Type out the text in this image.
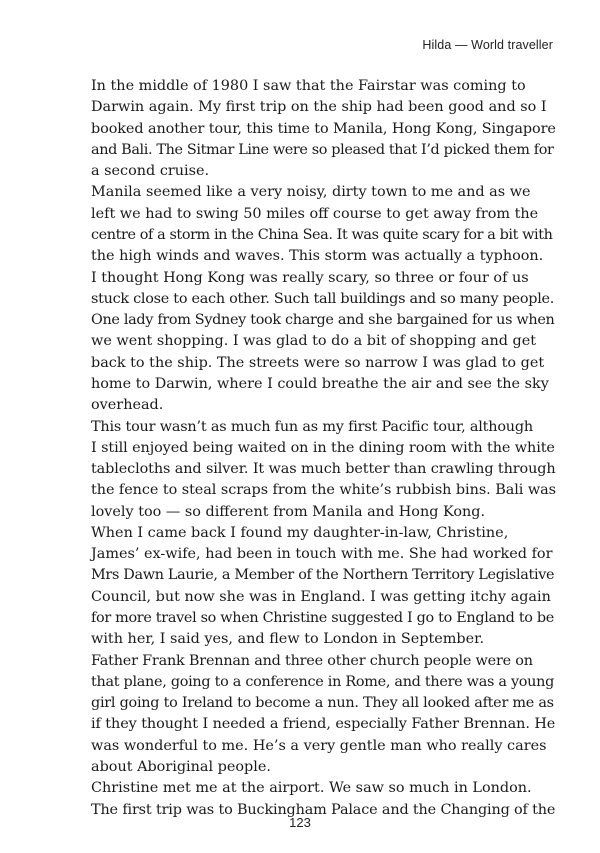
Hilda — World traveller

In the middle of 1980 I saw that the Fairstar was coming to
Darwin again. My first trip on the ship had been good and so I
booked another tour, this time to Manila, Hong Kong, Singapore
and Bali. The Sitmar Line were so pleased that I’d picked them for
a second cruise.

Manila seemed like a very noisy, dirty town to me and as we
left we had to swing 50 miles off course to get away from the
centre of a storm in the China Sea. It was quite scary for a bit with
the high winds and waves. This storm was actually a typhoon.

I thought Hong Kong was really scary, so three or four of us
stuck close to each other. Such tall buildings and so many people.
One lady from Sydney took charge and she bargained for us when
we went shopping. I was glad to do a bit of shopping and get
back to the ship. The streets were so narrow I was glad to get
home to Darwin, where I could breathe the air and see the sky
overhead.

This tour wasn’t as much fun as my first Pacific tour, although
I still enjoyed being waited on in the dining room with the white
tablecloths and silver. It was much better than crawling through
the fence to steal scraps from the white’s rubbish bins. Bali was
lovely too — so different from Manila and Hong Kong.

When I came back I found my daughter-in-law, Christine,
James’ ex-wife, had been in touch with me. She had worked for
Mrs Dawn Laurie, a Member of the Northern Territory Legislative
Council, but now she was in England. I was getting itchy again
for more travel so when Christine suggested I go to England to be
with her, I said yes, and flew to London in September.

Father Frank Brennan and three other church people were on
that plane, going to a conference in Rome, and there was a young
girl going to Ireland to become a nun. They all looked after me as
if they thought I needed a friend, especially Father Brennan. He
was wonderful to me. He’s a very gentle man who really cares
about Aboriginal people.

Christine met me at the airport. We saw so much in London.
The first trip was to Buckingham Palace and the Changing of the

123
